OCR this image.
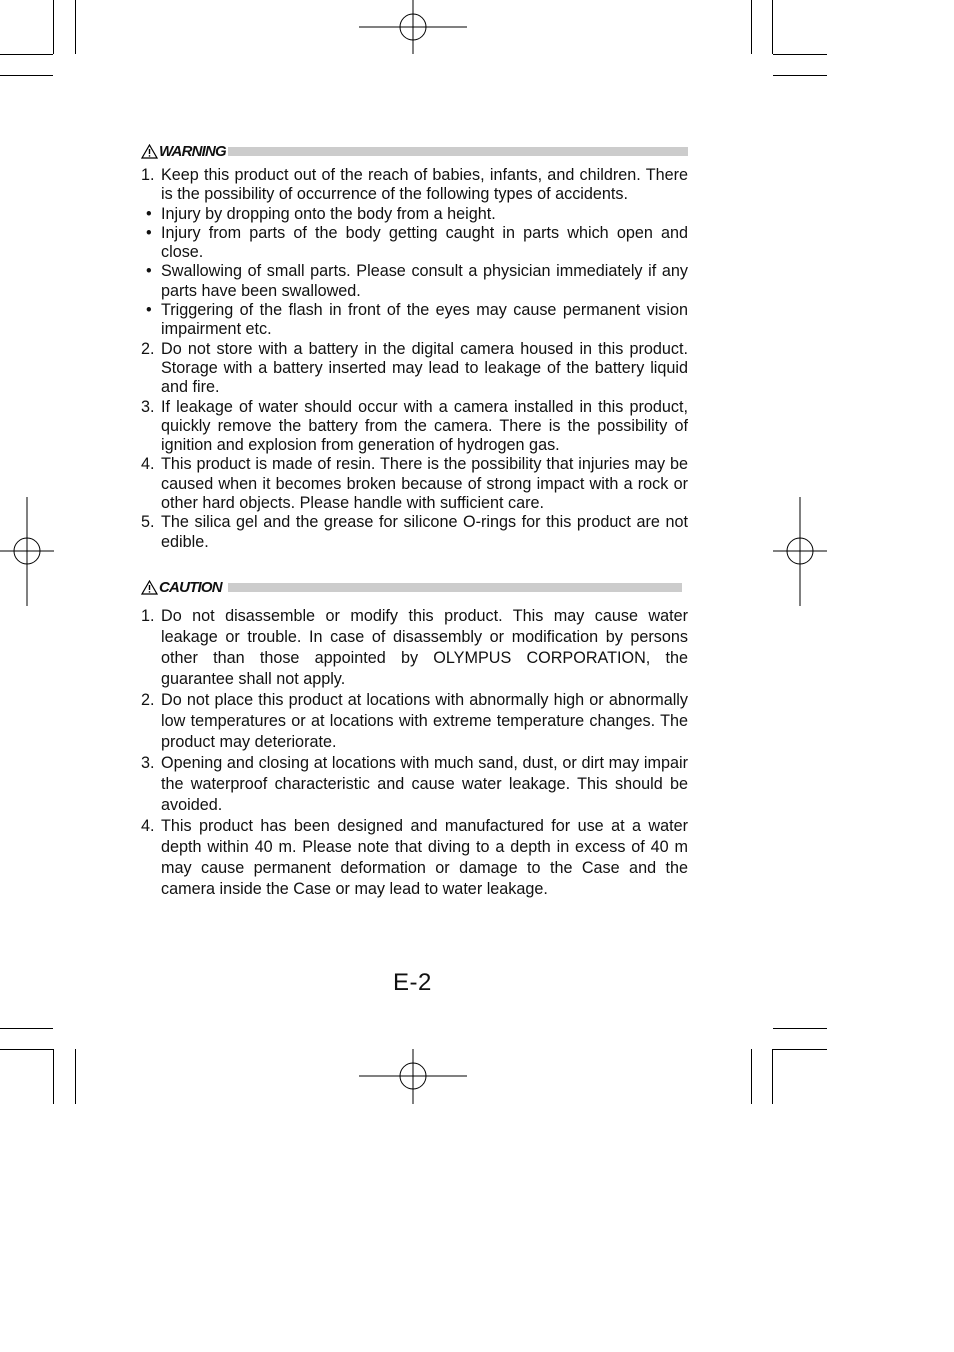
WARNING
1. Keep this product out of the reach of babies, infants, and children. There is the possibility of occurrence of the following types of accidents.
• Injury by dropping onto the body from a height.
• Injury from parts of the body getting caught in parts which open and close.
• Swallowing of small parts. Please consult a physician immediately if any parts have been swallowed.
• Triggering of the flash in front of the eyes may cause permanent vision impairment etc.
2. Do not store with a battery in the digital camera housed in this product. Storage with a battery inserted may lead to leakage of the battery liquid and fire.
3. If leakage of water should occur with a camera installed in this product, quickly remove the battery from the camera. There is the possibility of ignition and explosion from generation of hydrogen gas.
4. This product is made of resin. There is the possibility that injuries may be caused when it becomes broken because of strong impact with a rock or other hard objects. Please handle with sufficient care.
5. The silica gel and the grease for silicone O-rings for this product are not edible.
CAUTION
1. Do not disassemble or modify this product. This may cause water leakage or trouble. In case of disassembly or modification by persons other than those appointed by OLYMPUS CORPORATION, the guarantee shall not apply.
2. Do not place this product at locations with abnormally high or abnormally low temperatures or at locations with extreme temperature changes. The product may deteriorate.
3. Opening and closing at locations with much sand, dust, or dirt may impair the waterproof characteristic and cause water leakage. This should be avoided.
4. This product has been designed and manufactured for use at a water depth within 40 m. Please note that diving to a depth in excess of 40 m may cause permanent deformation or damage to the Case and the camera inside the Case or may lead to water leakage.
E-2
